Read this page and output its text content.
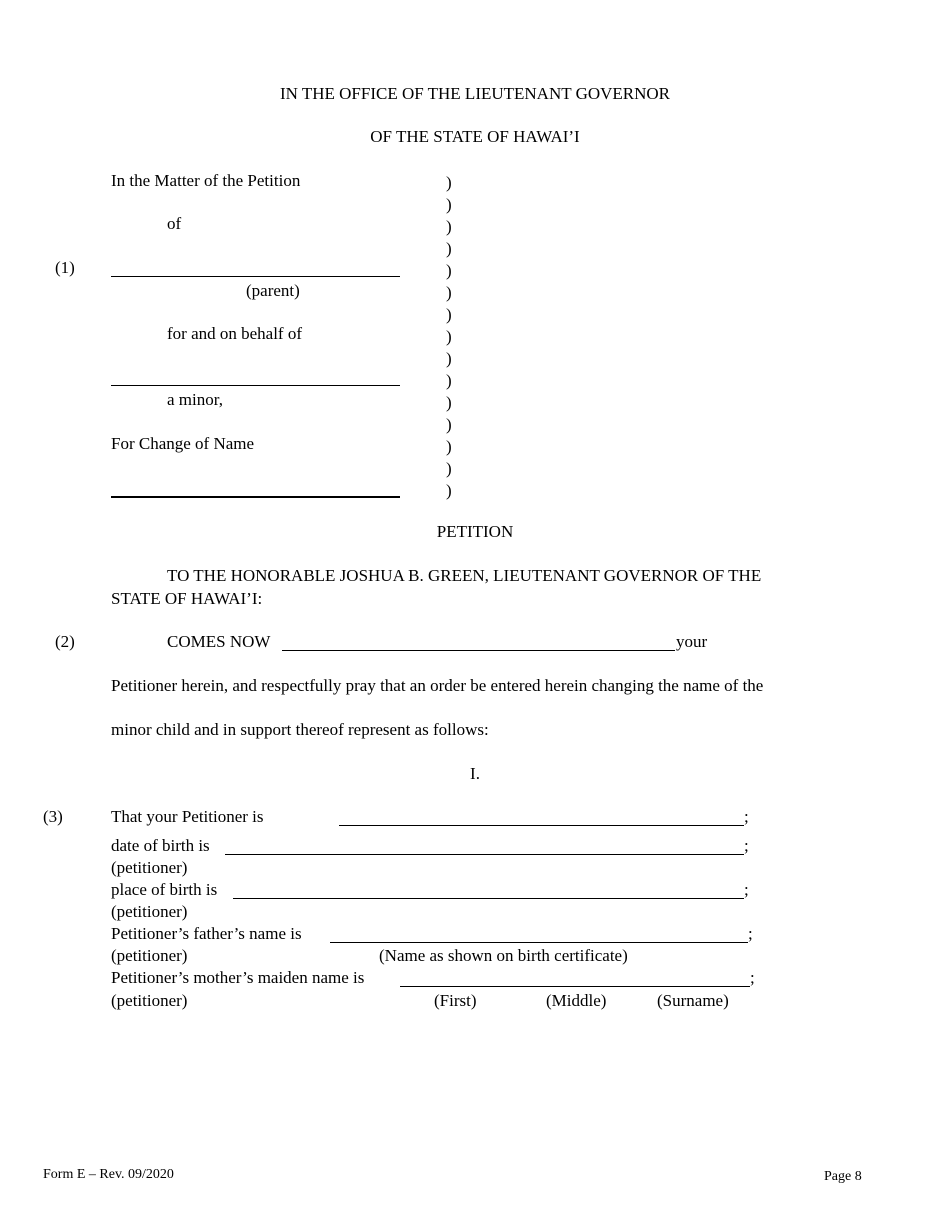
IN THE OFFICE OF THE LIEUTENANT GOVERNOR
OF THE STATE OF HAWAI’I
In the Matter of the Petition
of
(1)
(parent)
for and on behalf of
a minor,
For Change of Name
)
)
)
)
)
)
)
)
)
)
)
)
)
)
)
PETITION
TO THE HONORABLE JOSHUA B. GREEN, LIEUTENANT GOVERNOR OF THE
STATE OF HAWAI’I:
(2)	COMES NOW	your
Petitioner herein, and respectfully pray that an order be entered herein changing the name of the
minor child and in support thereof represent as follows:
I.
(3)	That your Petitioner is	;
date of birth is	;
(petitioner)
place of birth is	;
(petitioner)
Petitioner’s father’s name is	;
(petitioner)	(Name as shown on birth certificate)
Petitioner’s mother’s maiden name is	;
(petitioner)	(First)	(Middle)	(Surname)
Form E – Rev. 09/2020	Page 8
